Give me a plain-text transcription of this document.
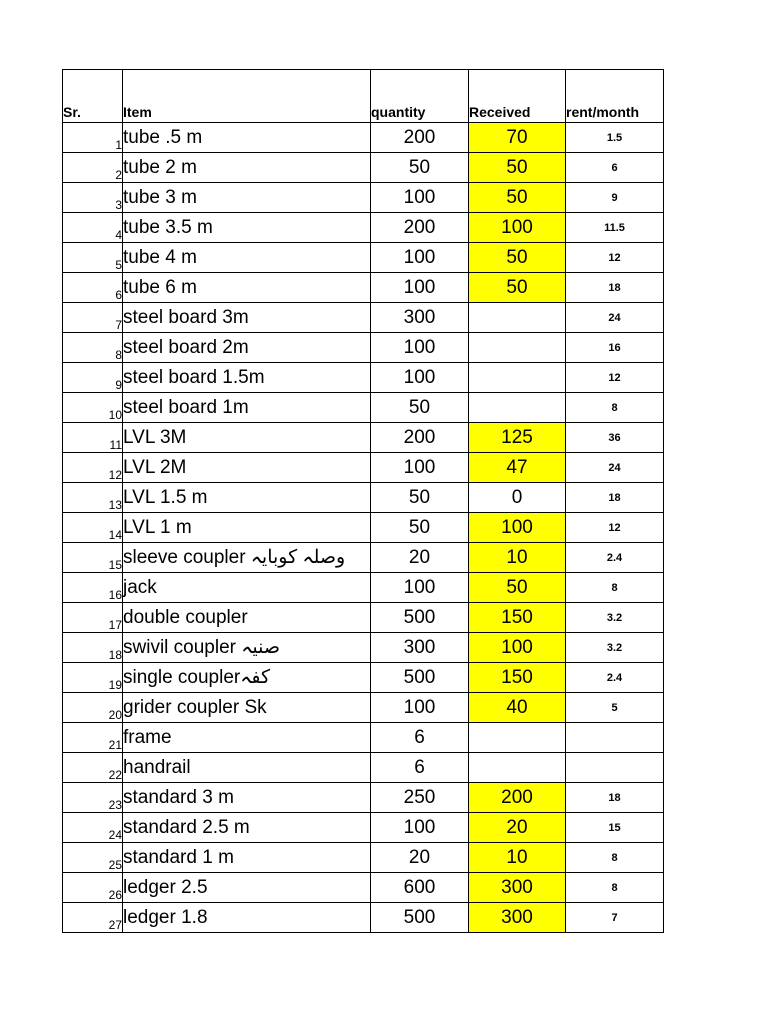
Sr.	Item	quantity	Received	rent/month
1	tube .5 m	200	70	1.5
2	tube 2 m	50	50	6
3	tube 3 m	100	50	9
4	tube 3.5 m	200	100	11.5
5	tube 4 m	100	50	12
6	tube 6 m	100	50	18
7	steel board 3m	300		24
8	steel board 2m	100		16
9	steel board 1.5m	100		12
10	steel board 1m	50		8
11	LVL 3M	200	125	36
12	LVL 2M	100	47	24
13	LVL 1.5 m	50	0	18
14	LVL 1 m	50	100	12
15	sleeve coupler وصلہ کوبایہ	20	10	2.4
16	jack	100	50	8
17	double coupler	500	150	3.2
18	swivil coupler صنیہ	300	100	3.2
19	single couplerکفہ	500	150	2.4
20	grider coupler Sk	100	40	5
21	frame	6		
22	handrail	6		
23	standard 3 m	250	200	18
24	standard 2.5 m	100	20	15
25	standard 1 m	20	10	8
26	ledger 2.5	600	300	8
27	ledger 1.8	500	300	7
